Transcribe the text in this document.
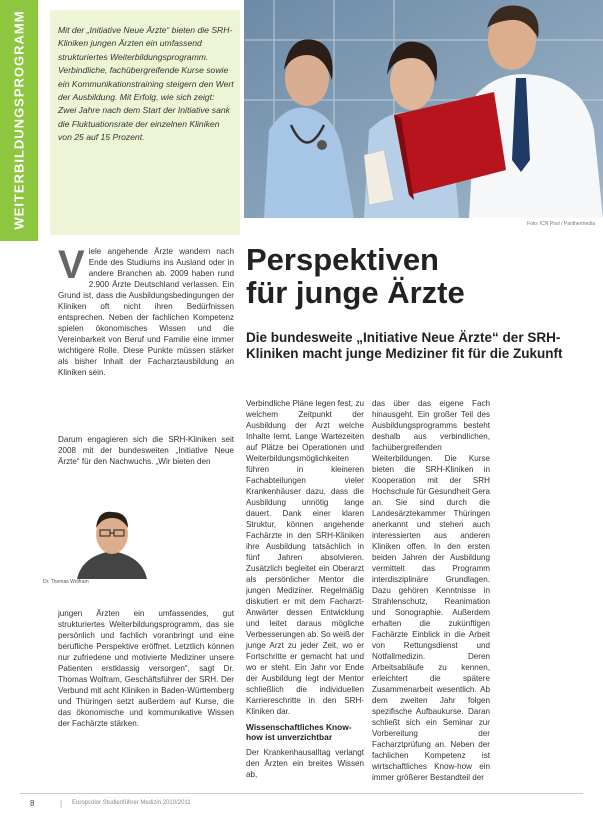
WEITERBILDUNGSPROGRAMM	Mit der „Initiative Neue Ärzte“ bieten die SRH-Kliniken jungen Ärzten ein umfassend strukturiertes Weiterbildungsprogramm. Verbindliche, fachübergreifende Kurse sowie ein Kommunikationstraining steigern den Wert der Ausbildung. Mit Erfolg, wie sich zeigt: Zwei Jahre nach dem Start der Initiative sank die Fluktuationsrate der einzelnen Kliniken von 25 auf 15 Prozent.

Foto: ICN Pool / Panthermedia

Viele angehende Ärzte wandern nach Ende des Studiums ins Ausland oder in andere Branchen ab. 2009 haben rund 2.900 Ärzte Deutschland verlassen. Ein Grund ist, dass die Ausbildungsbedingungen der Kliniken oft nicht ihren Bedürfnissen entsprechen. Neben der fachlichen Kompetenz spielen ökonomisches Wissen und die Vereinbarkeit von Beruf und Familie eine immer wichtigere Rolle. Diese Punkte müssen stärker als bisher Inhalt der Facharztausbildung an Kliniken sein.

Darum engagieren sich die SRH-Kliniken seit 2008 mit der bundesweiten „Initiative Neue Ärzte“ für den Nachwuchs. „Wir bieten den

Perspektiven
für junge Ärzte

Die bundesweite „Initiative Neue Ärzte“ der SRH-Kliniken macht junge Mediziner fit für die Zukunft

Dr. Thomas Wolfram

jungen Ärzten ein umfassendes, gut strukturiertes Weiterbildungsprogramm, das sie persönlich und fachlich voranbringt und eine berufliche Perspektive eröffnet. Letztlich können nur zufriedene und motivierte Mediziner unsere Patienten erstklassig versorgen“, sagt Dr. Thomas Wolfram, Geschäftsführer der SRH. Der Verbund mit acht Kliniken in Baden-Württemberg und Thüringen setzt außerdem auf Kurse, die das ökonomische und kommunikative Wissen der Fachärzte stärken.

Verbindliche Pläne legen fest, zu welchem Zeitpunkt der Ausbildung der Arzt welche Inhalte lernt. Lange Wartezeiten auf Plätze bei Operationen und Weiterbildungsmöglichkeiten führen in kleineren Fachabteilungen vieler Krankenhäuser dazu, dass die Ausbildung unnötig lange dauert. Dank einer klaren Struktur, können angehende Fachärzte in den SRH-Kliniken ihre Ausbildung tatsächlich in fünf Jahren absolvieren. Zusätzlich begleitet ein Oberarzt als persönlicher Mentor die jungen Mediziner. Regelmäßig diskutiert er mit dem Facharzt-Anwärter dessen Entwicklung und leitet daraus mögliche Verbesserungen ab. So weiß der junge Arzt zu jeder Zeit, wo er Fortschritte er gemacht hat und wo er steht. Ein Jahr vor Ende der Ausbildung legt der Mentor schließlich die individuellen Karriereschritte in den SRH-Kliniken dar.

Wissenschaftliches Know-how ist unverzichtbar

Der Krankenhausalltag verlangt den Ärzten ein breites Wissen ab,

das über das eigene Fach hinausgeht. Ein großer Teil des Ausbildungsprogramms besteht deshalb aus verbindlichen, fachübergreifenden Weiterbildungen. Die Kurse bieten die SRH-Kliniken in Kooperation mit der SRH Hochschule für Gesundheit Gera an. Sie sind durch die Landesärztekammer Thüringen anerkannt und stehen auch interessierten aus anderen Kliniken offen. In den ersten beiden Jahren der Ausbildung vermittelt das Programm interdisziplinäre Grundlagen. Dazu gehören Kenntnisse in Strahlenschutz, Reanimation und Sonographie. Außerdem erhalten die zukünftigen Fachärzte Einblick in die Arbeit von Rettungsdienst und Notfallmedizin. Deren Arbeitsabläufe zu kennen, erleichtert die spätere Zusammenarbeit wesentlich. Ab dem zweiten Jahr folgen spezifische Aufbaukurse. Daran schließt sich ein Seminar zur Vorbereitung der Facharztprüfung an. Neben der fachlichen Kompetenz ist wirtschaftliches Know-how ein immer größerer Bestandteil der

8	| Europcolor Studienführer Medizin 2010/2011
